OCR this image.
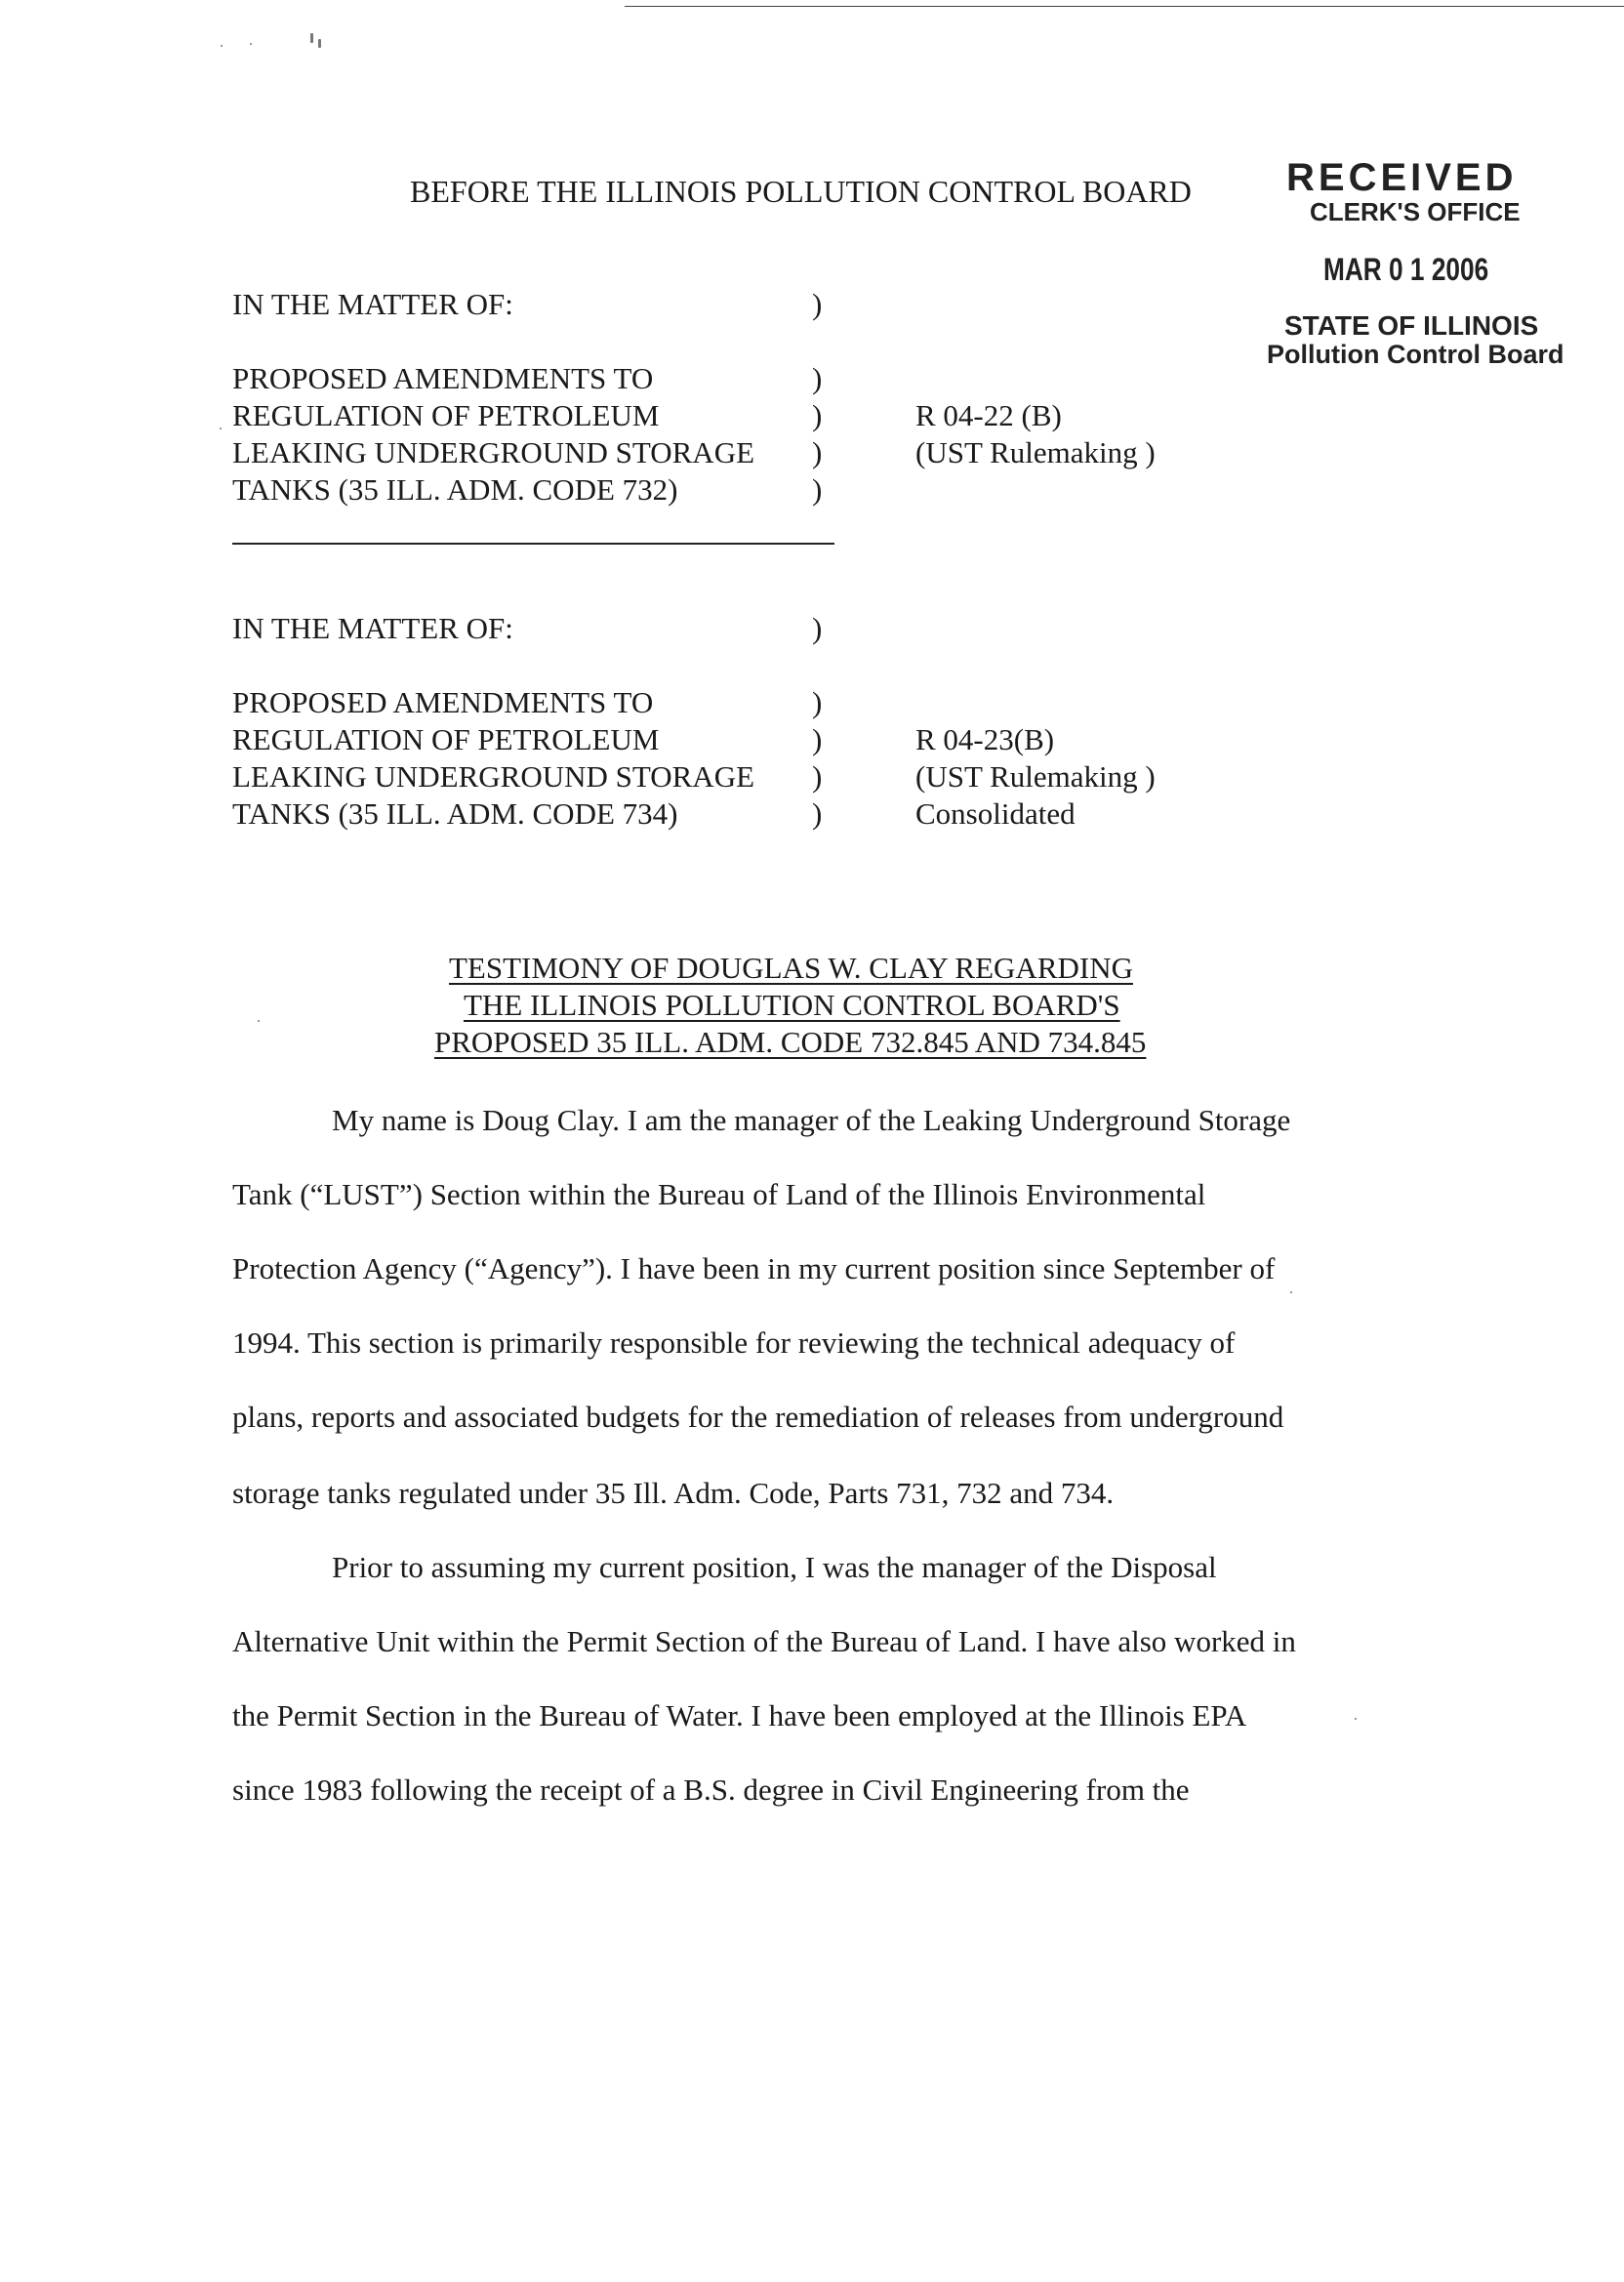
BEFORE THE ILLINOIS POLLUTION CONTROL BOARD RECEIVED
CLERK'S OFFICE
MAR 0 1 2006
STATE OF ILLINOIS
Pollution Control Board
IN THE MATTER OF:	)
PROPOSED AMENDMENTS TO	)
REGULATION OF PETROLEUM	)	R 04-22 (B)
LEAKING UNDERGROUND STORAGE )	(UST Rulemaking )
TANKS (35 ILL. ADM. CODE 732)	)
IN THE MATTER OF:	)
PROPOSED AMENDMENTS TO	)
REGULATION OF PETROLEUM	)	R 04-23(B)
LEAKING UNDERGROUND STORAGE )	(UST Rulemaking )
TANKS (35 ILL. ADM. CODE 734)	)	Consolidated
TESTIMONY OF DOUGLAS W. CLAY REGARDING
THE ILLINOIS POLLUTION CONTROL BOARD'S
PROPOSED 35 ILL. ADM. CODE 732.845 AND 734.845
My name is Doug Clay. I am the manager of the Leaking Underground Storage
Tank (“LUST”) Section within the Bureau of Land of the Illinois Environmental
Protection Agency (“Agency”). I have been in my current position since September of
1994. This section is primarily responsible for reviewing the technical adequacy of
plans, reports and associated budgets for the remediation of releases from underground
storage tanks regulated under 35 Ill. Adm. Code, Parts 731, 732 and 734.
Prior to assuming my current position, I was the manager of the Disposal
Alternative Unit within the Permit Section of the Bureau of Land. I have also worked in
the Permit Section in the Bureau of Water. I have been employed at the Illinois EPA
since 1983 following the receipt of a B.S. degree in Civil Engineering from the
